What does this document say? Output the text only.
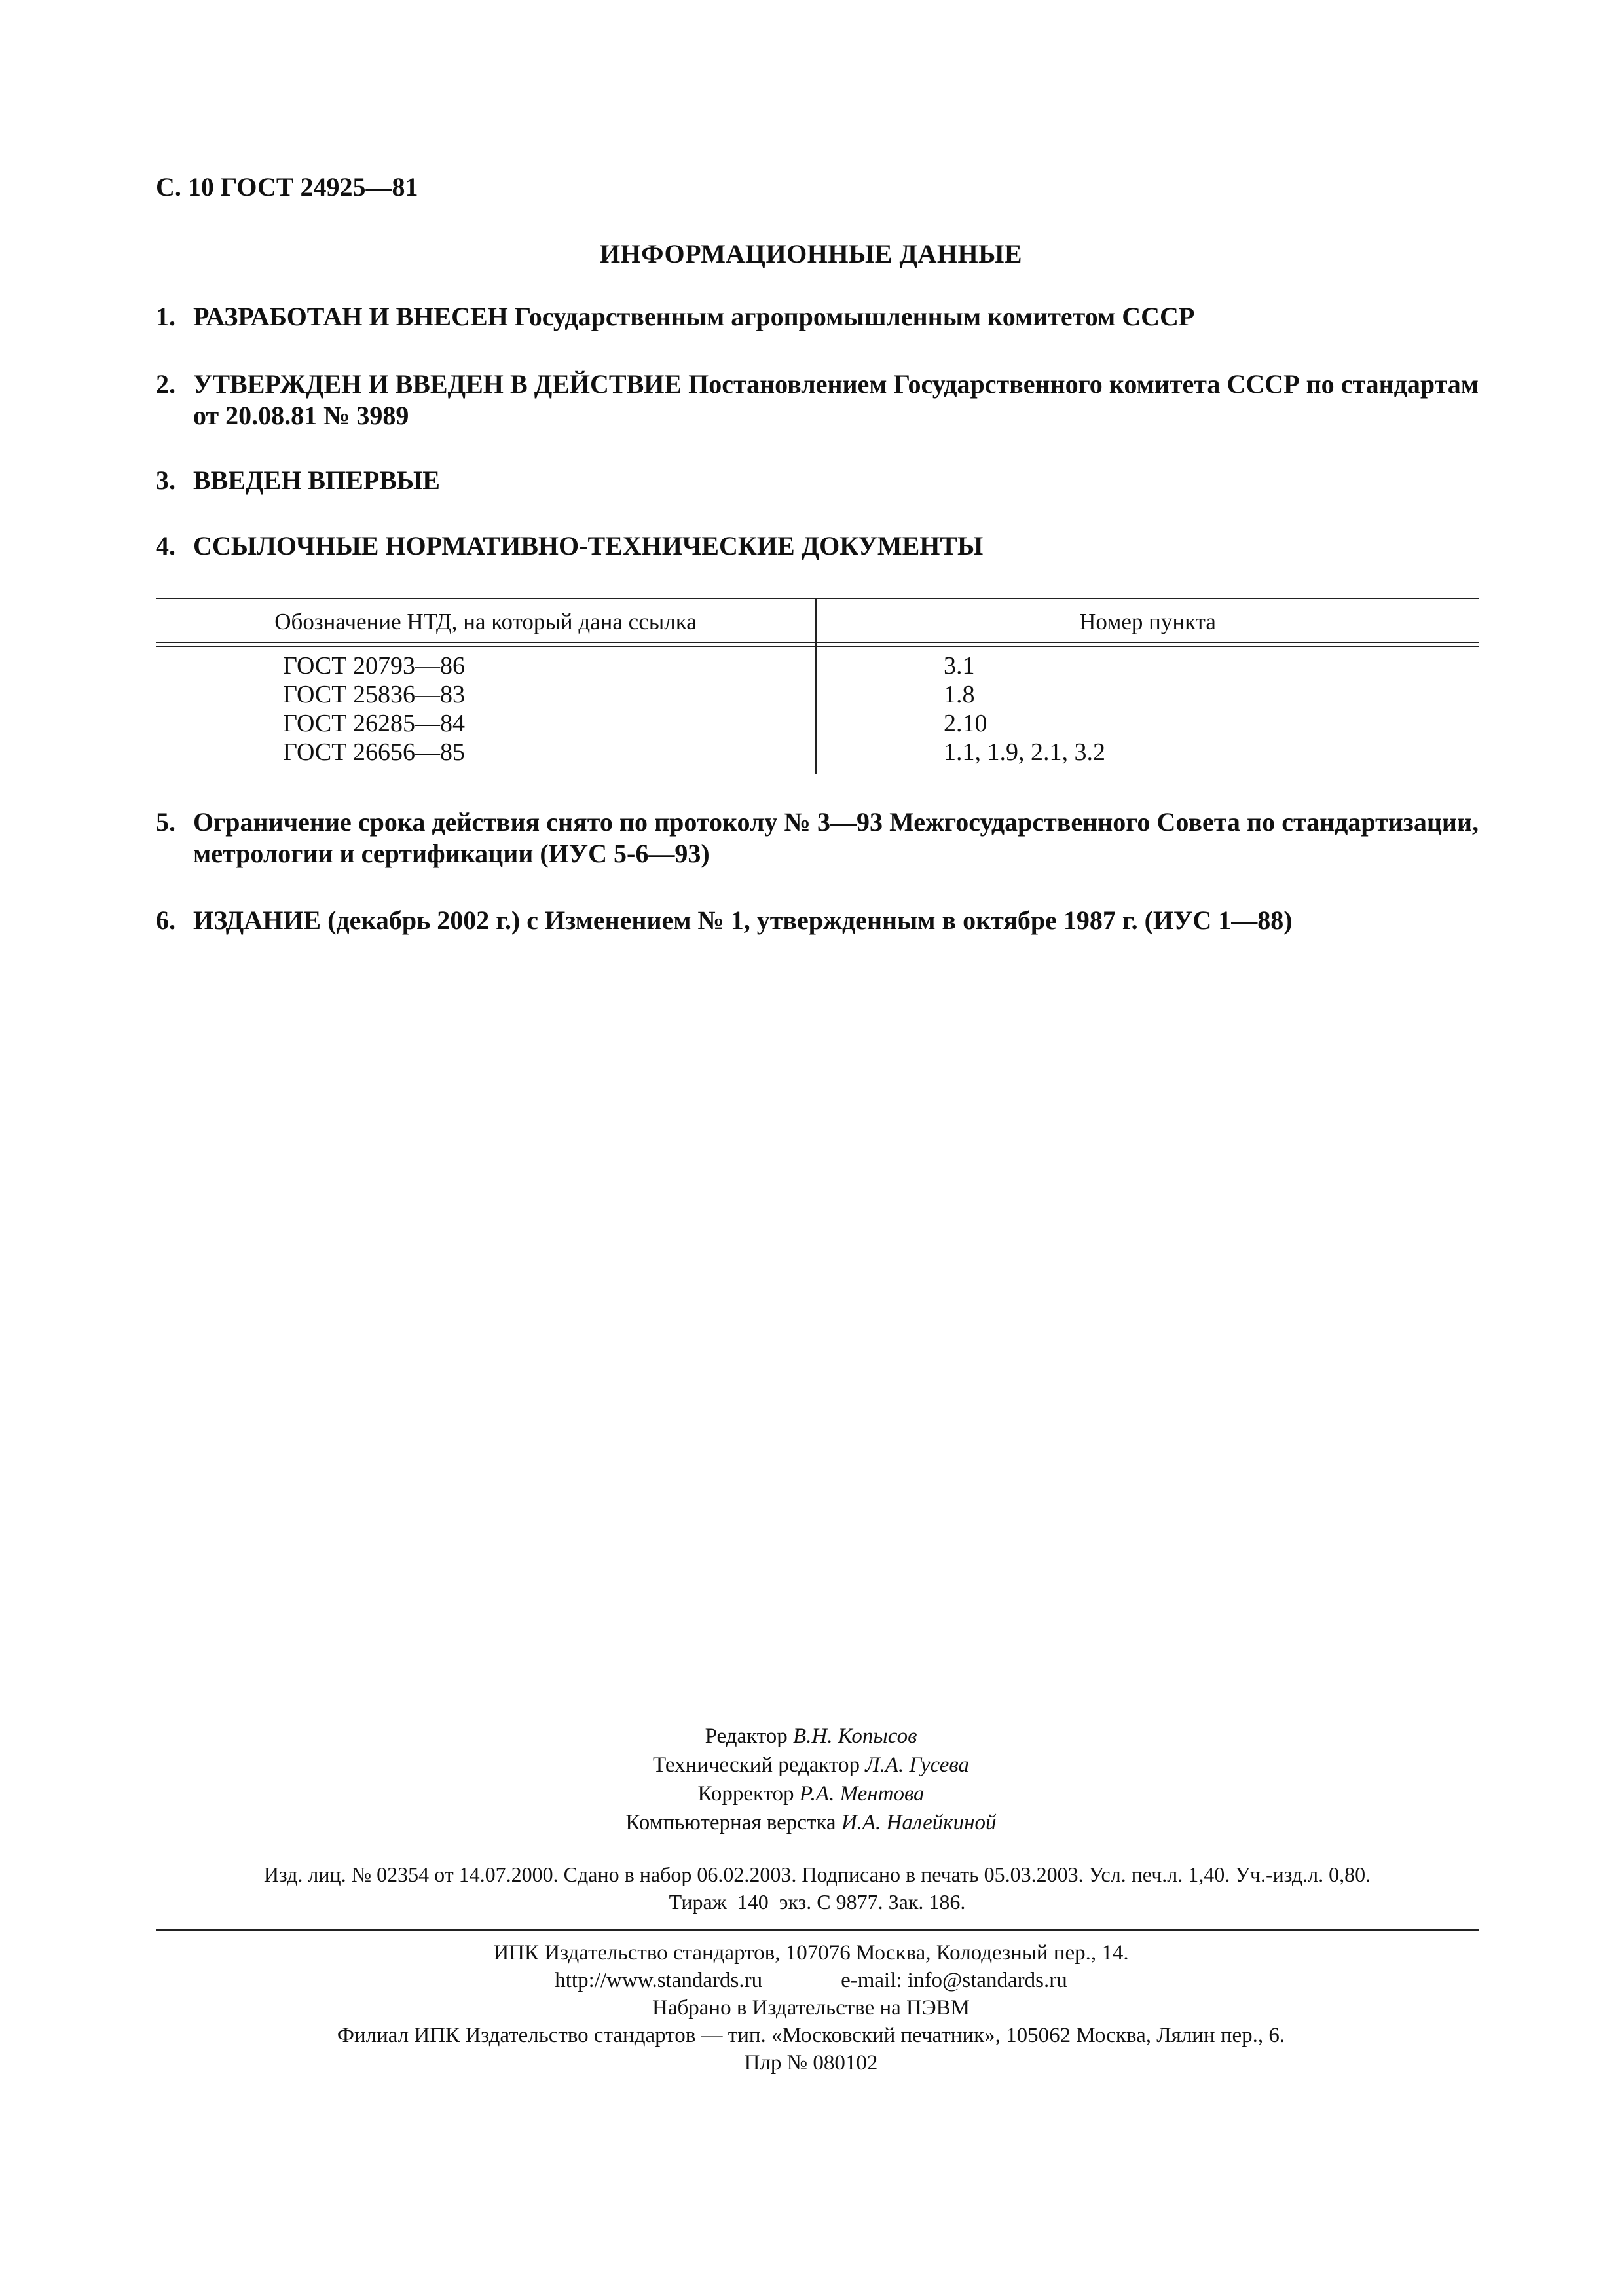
С. 10 ГОСТ 24925—81
ИНФОРМАЦИОННЫЕ ДАННЫЕ
1. РАЗРАБОТАН И ВНЕСЕН Государственным агропромышленным комитетом СССР
2. УТВЕРЖДЕН И ВВЕДЕН В ДЕЙСТВИЕ Постановлением Государственного комитета СССР по стандартам от 20.08.81 № 3989
3. ВВЕДЕН ВПЕРВЫЕ
4. ССЫЛОЧНЫЕ НОРМАТИВНО-ТЕХНИЧЕСКИЕ ДОКУМЕНТЫ
Обозначение НТД, на который дана ссылка	Номер пункта
ГОСТ 20793—86	3.1
ГОСТ 25836—83	1.8
ГОСТ 26285—84	2.10
ГОСТ 26656—85	1.1, 1.9, 2.1, 3.2
5. Ограничение срока действия снято по протоколу № 3—93 Межгосударственного Совета по стандартизации, метрологии и сертификации (ИУС 5-6—93)
6. ИЗДАНИЕ (декабрь 2002 г.) с Изменением № 1, утвержденным в октябре 1987 г. (ИУС 1—88)
Редактор В.Н. Копысов
Технический редактор Л.А. Гусева
Корректор Р.А. Ментова
Компьютерная верстка И.А. Налейкиной
Изд. лиц. № 02354 от 14.07.2000. Сдано в набор 06.02.2003. Подписано в печать 05.03.2003. Усл. печ.л. 1,40. Уч.-изд.л. 0,80.
Тираж  140  экз. С 9877. Зак. 186.
ИПК Издательство стандартов, 107076 Москва, Колодезный пер., 14.
http://www.standards.ru	e-mail: info@standards.ru
Набрано в Издательстве на ПЭВМ
Филиал ИПК Издательство стандартов — тип. «Московский печатник», 105062 Москва, Лялин пер., 6.
Плр № 080102
